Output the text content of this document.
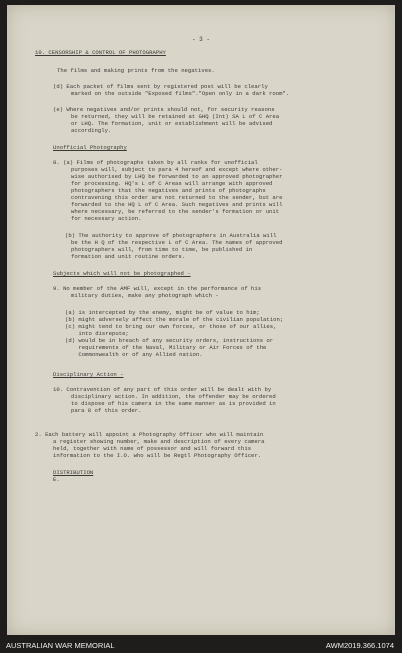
- 3 -
10. CENSORSHIP & CONTROL OF PHOTOGRAPHY
The films and making prints from the negatives.
(d) Each packet of films sent by registered post will be clearly
marked on the outside "Exposed films"."Open only in a dark room".
(e) Where negatives and/or prints should not, for security reasons
be returned, they will be retained at GHQ (Int) SA L of C Area
or LHQ. The formation, unit or establishment will be advised
accordingly.
Unofficial Photography
8. (a) Films of photographs taken by all ranks for unofficial
purposes will, subject to para 4 hereof and except where other-
wise authorised by LHQ be forwarded to an approved photographer
for processing. HQ's L of C Areas will arrange with approved
photographers that the negatives and prints of photographs
contravening this order are not returned to the sender, but are
forwarded to the HQ L of C Area. Such negatives and prints will
where necessary, be referred to the sender's formation or unit
for necessary action.
(b) The authority to approve of photographers in Australia will
be the H Q of the respective L of C Area. The names of approved
photographers will, from time to time, be published in
formation and unit routine orders.
Subjects which will not be photographed -
9. No member of the AMF will, except in the performance of his
military duties, make any photograph which -
(a) is intercepted by the enemy, might be of value to him;
(b) might adversely affect the morale of the civilian population;
(c) might tend to bring our own forces, or those of our allies,
into disrepute;
(d) would be in breach of any security orders, instructions or
requirements of the Naval, Military or Air Forces of the
Commonwealth or of any Allied nation.
Disciplinary Action -
10. Contravention of any part of this order will be dealt with by
disciplinary action. In addition, the offender may be ordered
to dispose of his camera in the same manner as is provided in
para 8 of this order.
2. Each battery will appoint a Photography Officer who will maintain
a register showing number, make and description of every camera
held, together with name of possessor and will forward this
information to the I.O. who will be Regtl Photography Officer.
DISTRIBUTION
E.
AUSTRALIAN WAR MEMORIAL	AWM2019.366.1074
